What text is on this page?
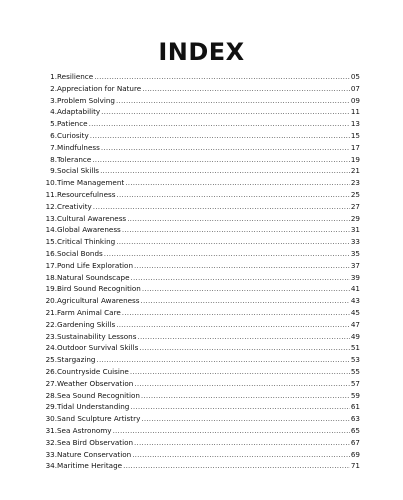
INDEX
1. Resilience .....	05
2. Appreciation for Nature .....	07
3. Problem Solving .....	09
4. Adaptability .....	11
5. Patience .....	13
6. Curiosity .....	15
7. Mindfulness .....	17
8. Tolerance .....	19
9. Social Skills .....	21
10. Time Management .....	23
11. Resourcefulness .....	25
12. Creativity .....	27
13. Cultural Awareness .....	29
14. Global Awareness .....	31
15. Critical Thinking .....	33
16. Social Bonds .....	35
17. Pond Life Exploration .....	37
18. Natural Soundscape .....	39
19. Bird Sound Recognition .....	41
20. Agricultural Awareness .....	43
21. Farm Animal Care .....	45
22. Gardening Skills .....	47
23. Sustainability Lessons .....	49
24. Outdoor Survival Skills .....	51
25. Stargazing .....	53
26. Countryside Cuisine .....	55
27. Weather Observation .....	57
28. Sea Sound Recognition .....	59
29. Tidal Understanding .....	61
30. Sand Sculpture Artistry .....	63
31. Sea Astronomy .....	65
32. Sea Bird Observation .....	67
33. Nature Conservation .....	69
34. Maritime Heritage .....	71
